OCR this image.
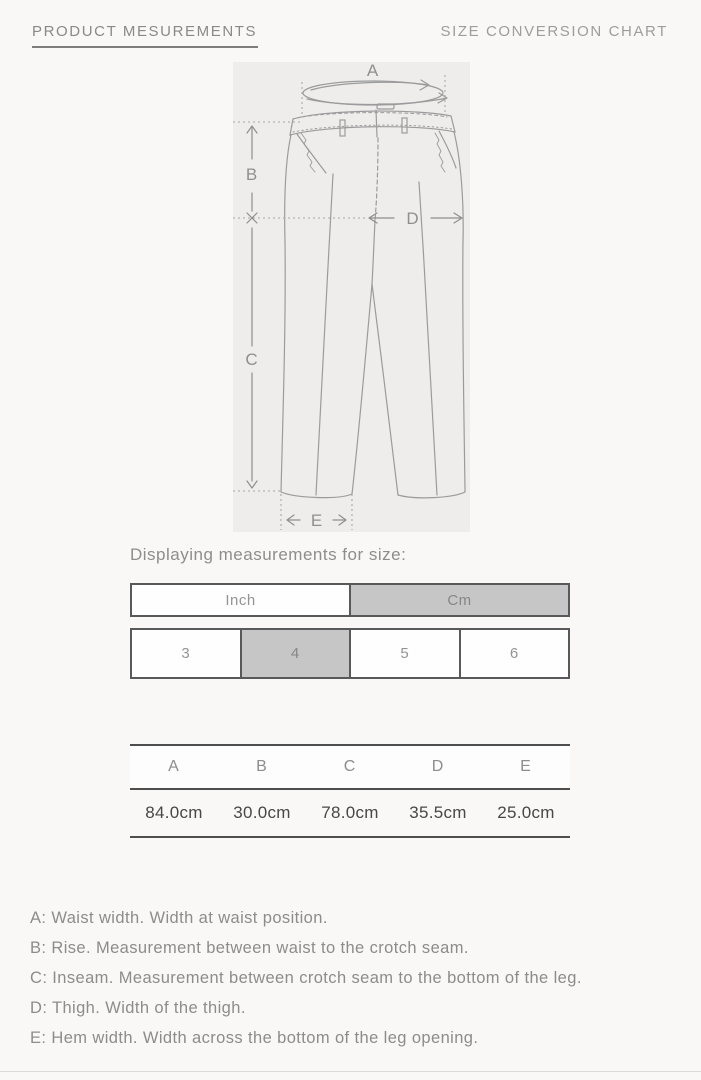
PRODUCT MESUREMENTS	SIZE CONVERSION CHART
A
B
C
D
E
Displaying measurements for size:
Inch	Cm
3	4	5	6
A	B	C	D	E
84.0cm	30.0cm	78.0cm	35.5cm	25.0cm
A: Waist width. Width at waist position.
B: Rise. Measurement between waist to the crotch seam.
C: Inseam. Measurement between crotch seam to the bottom of the leg.
D: Thigh. Width of the thigh.
E: Hem width. Width across the bottom of the leg opening.
